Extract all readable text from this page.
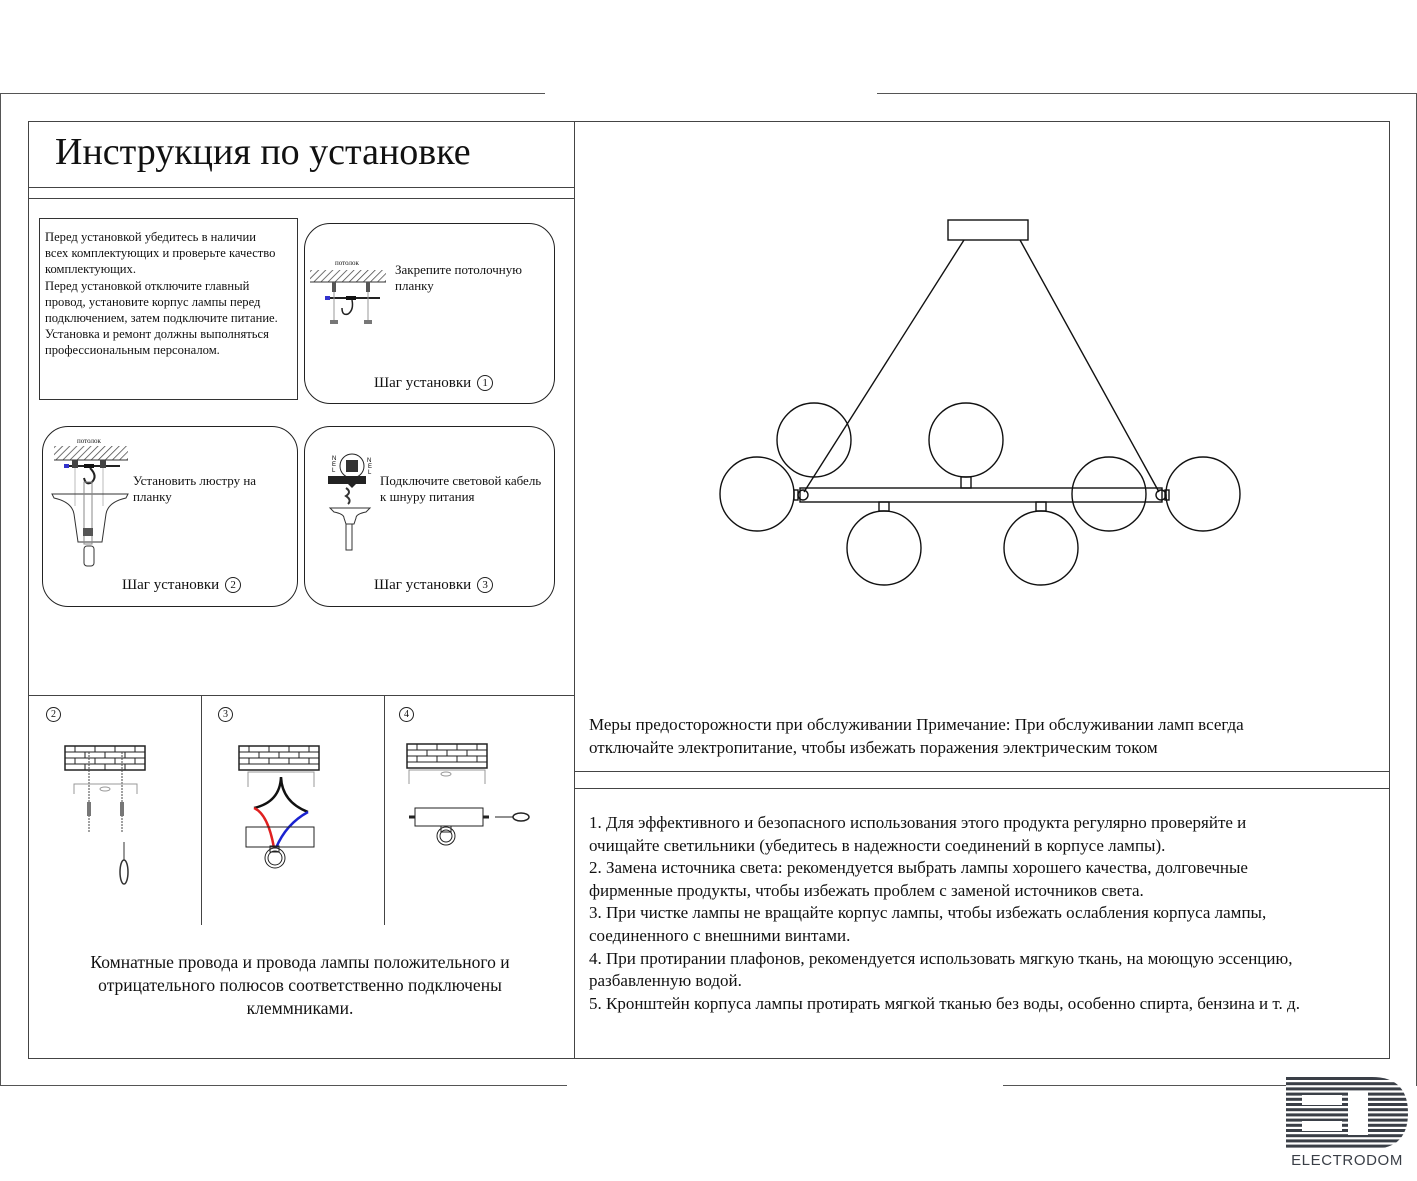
Инструкция по установке
Перед установкой убедитесь в наличии
всех комплектующих и проверьте качество
комплектующих.
Перед установкой отключите главный
провод, установите корпус лампы перед
подключением, затем подключите питание.
Установка и ремонт должны выполняться
профессиональным персоналом.
потолок	Закрепите потолочную
планку
Шаг установки 1
потолок
Установить люстру на
планку
Шаг установки 2
N
E
L
N
E
L Подключите световой кабель
к шнуру питания
Шаг установки 3
2	3	4
Комнатные провода и провода лампы положительного и
отрицательного полюсов соответственно подключены
клеммниками.
Меры предосторожности при обслуживании Примечание: При обслуживании ламп всегда
отключайте электропитание, чтобы избежать поражения электрическим током
1. Для эффективного и безопасного использования этого продукта регулярно проверяйте и
очищайте светильники (убедитесь в надежности соединений в корпусе лампы).
2. Замена источника света: рекомендуется выбрать лампы хорошего качества, долговечные
фирменные продукты, чтобы избежать проблем с заменой источников света.
3. При чистке лампы не вращайте корпус лампы, чтобы избежать ослабления корпуса лампы,
соединенного с внешними винтами.
4. При протирании плафонов, рекомендуется использовать мягкую ткань, на моющую эссенцию,
разбавленную водой.
5. Кронштейн корпуса лампы протирать мягкой тканью без воды, особенно спирта, бензина и т. д.
ELECTRODOM
